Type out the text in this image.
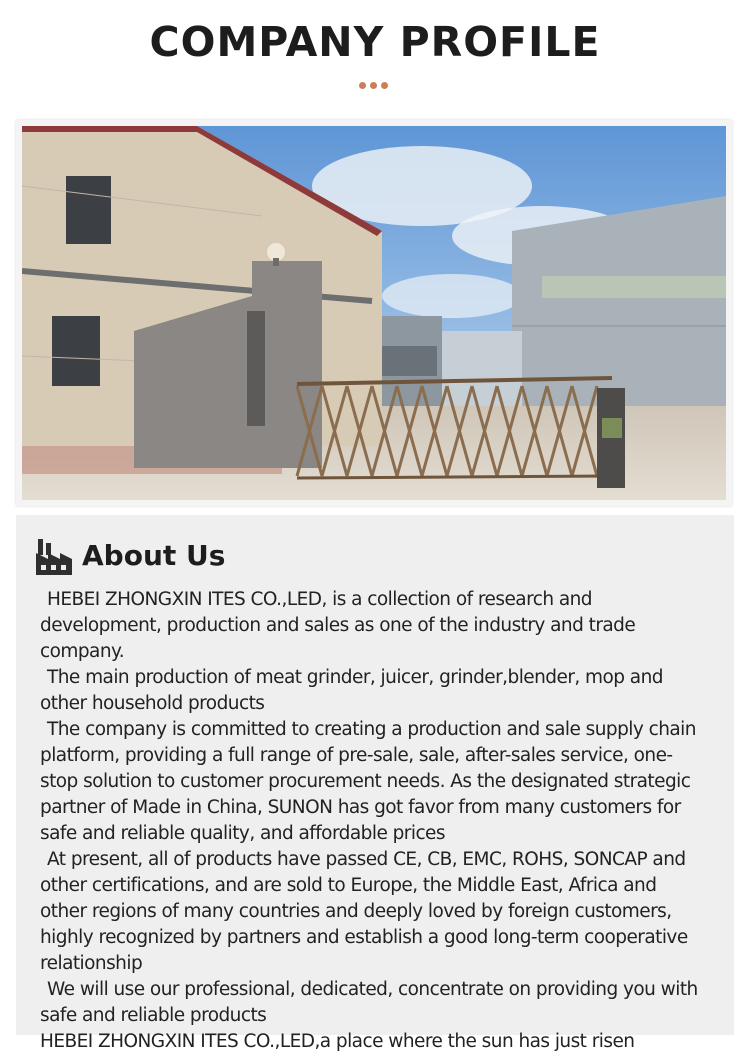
COMPANY PROFILE
About Us

HEBEI ZHONGXIN ITES CO.,LED, is a collection of research and development, production and sales as one of the industry and trade company.

The main production of meat grinder, juicer, grinder,blender, mop and other household products

The company is committed to creating a production and sale supply chain platform, providing a full range of pre-sale, sale, after-sales service, one-stop solution to customer procurement needs. As the designated strategic partner of Made in China, SUNON has got favor from many customers for safe and reliable quality, and affordable prices

At present, all of products have passed CE, CB, EMC, ROHS, SONCAP and other certifications, and are sold to Europe, the Middle East, Africa and other regions of many countries and deeply loved by foreign customers, highly recognized by partners and establish a good long-term cooperative relationship

We will use our professional, dedicated, concentrate on providing you with safe and reliable products

HEBEI ZHONGXIN ITES CO.,LED,a place where the sun has just risen
